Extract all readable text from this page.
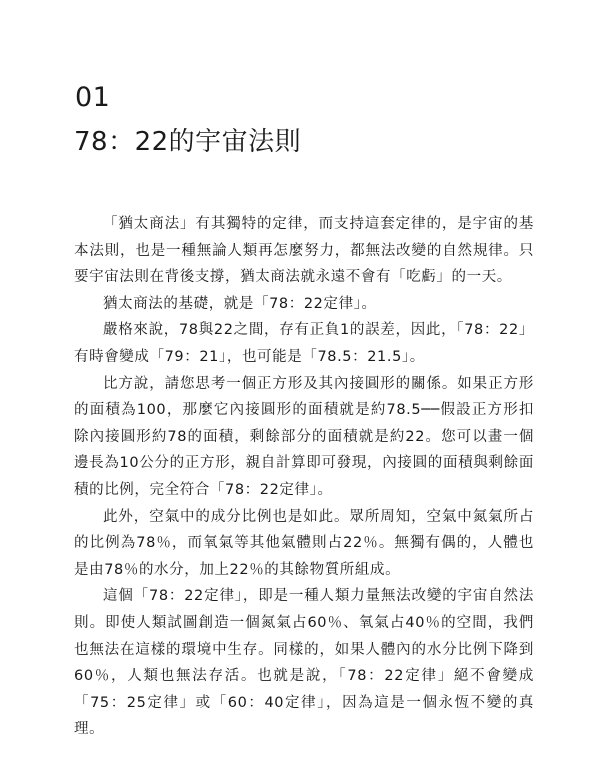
01
78：22的宇宙法則

「猶太商法」有其獨特的定律，而支持這套定律的，是宇宙的基本法則，也是一種無論人類再怎麼努力，都無法改變的自然規律。只要宇宙法則在背後支撐，猶太商法就永遠不會有「吃虧」的一天。

猶太商法的基礎，就是「78：22定律」。

嚴格來說，78與22之間，存有正負1的誤差，因此，「78：22」有時會變成「79：21」，也可能是「78.5：21.5」。

比方說，請您思考一個正方形及其內接圓形的關係。如果正方形的面積為100，那麼它內接圓形的面積就是約78.5──假設正方形扣除內接圓形約78的面積，剩餘部分的面積就是約22。您可以畫一個邊長為10公分的正方形，親自計算即可發現，內接圓的面積與剩餘面積的比例，完全符合「78：22定律」。

此外，空氣中的成分比例也是如此。眾所周知，空氣中氮氣所占的比例為78％，而氧氣等其他氣體則占22％。無獨有偶的，人體也是由78％的水分，加上22％的其餘物質所組成。

這個「78：22定律」，即是一種人類力量無法改變的宇宙自然法則。即使人類試圖創造一個氮氣占60％、氧氣占40％的空間，我們也無法在這樣的環境中生存。同樣的，如果人體內的水分比例下降到60％，人類也無法存活。也就是說，「78：22定律」絕不會變成「75：25定律」或「60：40定律」，因為這是一個永恆不變的真理。
